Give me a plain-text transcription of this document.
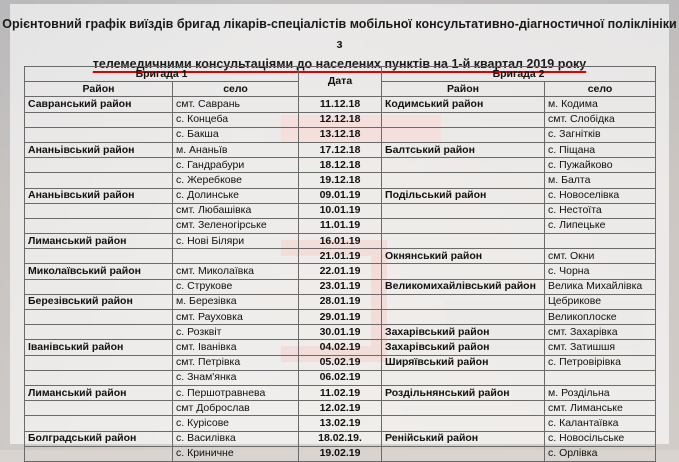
Орієнтовний графік виїздів бригад лікарів-спеціалістів мобільної консультативно-діагностичної поліклініки з
телемедичними консультаціями до населених пунктів на 1-й квартал 2019 року
Бригада 1		Дата	Бригада 2	
Район	село		Район	село
Савранський район	смт. Саврань	11.12.18	Кодимський район	м. Кодима
	с. Концеба	12.12.18		смт. Слобідка
	с. Бакша	13.12.18		с. Загнітків
Ананьівський район	м. Ананьїв	17.12.18	Балтський район	с. Піщана
	с. Гандрабури	18.12.18		с. Пужайково
	с. Жеребкове	19.12.18		м. Балта
Ананьівський район	с. Долинське	09.01.19	Подільський район	с. Новоселівка
	смт. Любашівка	10.01.19		с. Нестоїта
	смт. Зеленогірське	11.01.19		с. Липецьке
Лиманський район	с. Нові Біляри	16.01.19		
		21.01.19	Окнянський район	смт. Окни
Миколаївський район	смт. Миколаївка	22.01.19		с. Чорна
	с. Струкове	23.01.19	Великомихайлівський район	Велика Михайлівка
Березівський район	м. Березівка	28.01.19		Цебрикове
	смт. Рауховка	29.01.19		Великоплоске
	с. Розквіт	30.01.19	Захарівський район	смт. Захарівка
Іванівський район	смт. Іванівка	04.02.19	Захарівський район	смт. Затишшя
	смт. Петрівка	05.02.19	Ширяївський район	с. Петровірівка
	с. Знам'янка	06.02.19		
Лиманський район	с. Першотравнева	11.02.19	Роздільнянський район	м. Роздільна
	смт Доброслав	12.02.19		смт. Лиманське
	с. Курісове	13.02.19		с. Калантаївка
Болградський район	с. Василівка	18.02.19.	Ренійський район	с. Новосільське
	с. Криничне	19.02.19		с. Орлівка
